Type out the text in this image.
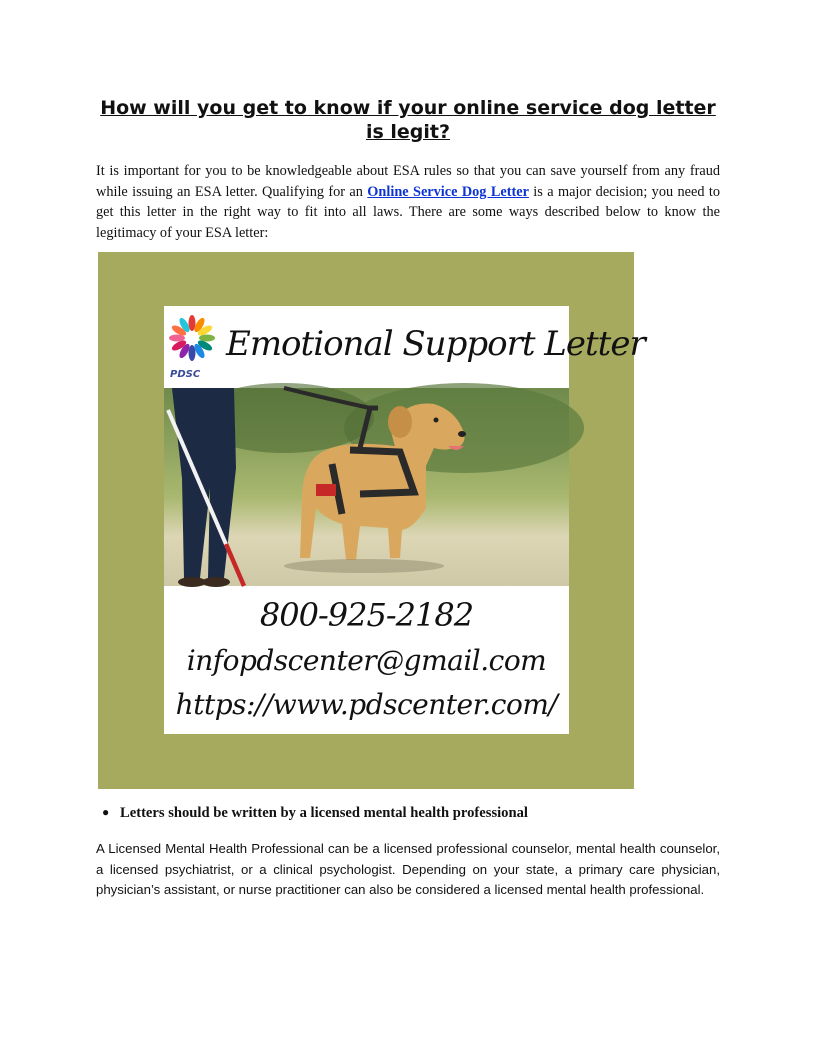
How will you get to know if your online service dog letter is legit?

It is important for you to be knowledgeable about ESA rules so that you can save yourself from any fraud while issuing an ESA letter. Qualifying for an Online Service Dog Letter is a major decision; you need to get this letter in the right way to fit into all laws. There are some ways described below to know the legitimacy of your ESA letter:

PDSC
Emotional Support Letter
800-925-2182
infopdscenter@gmail.com
https://www.pdscenter.com/
● Letters should be written by a licensed mental health professional

A Licensed Mental Health Professional can be a licensed professional counselor, mental health counselor, a licensed psychiatrist, or a clinical psychologist. Depending on your state, a primary care physician, physician’s assistant, or nurse practitioner can also be considered a licensed mental health professional.
